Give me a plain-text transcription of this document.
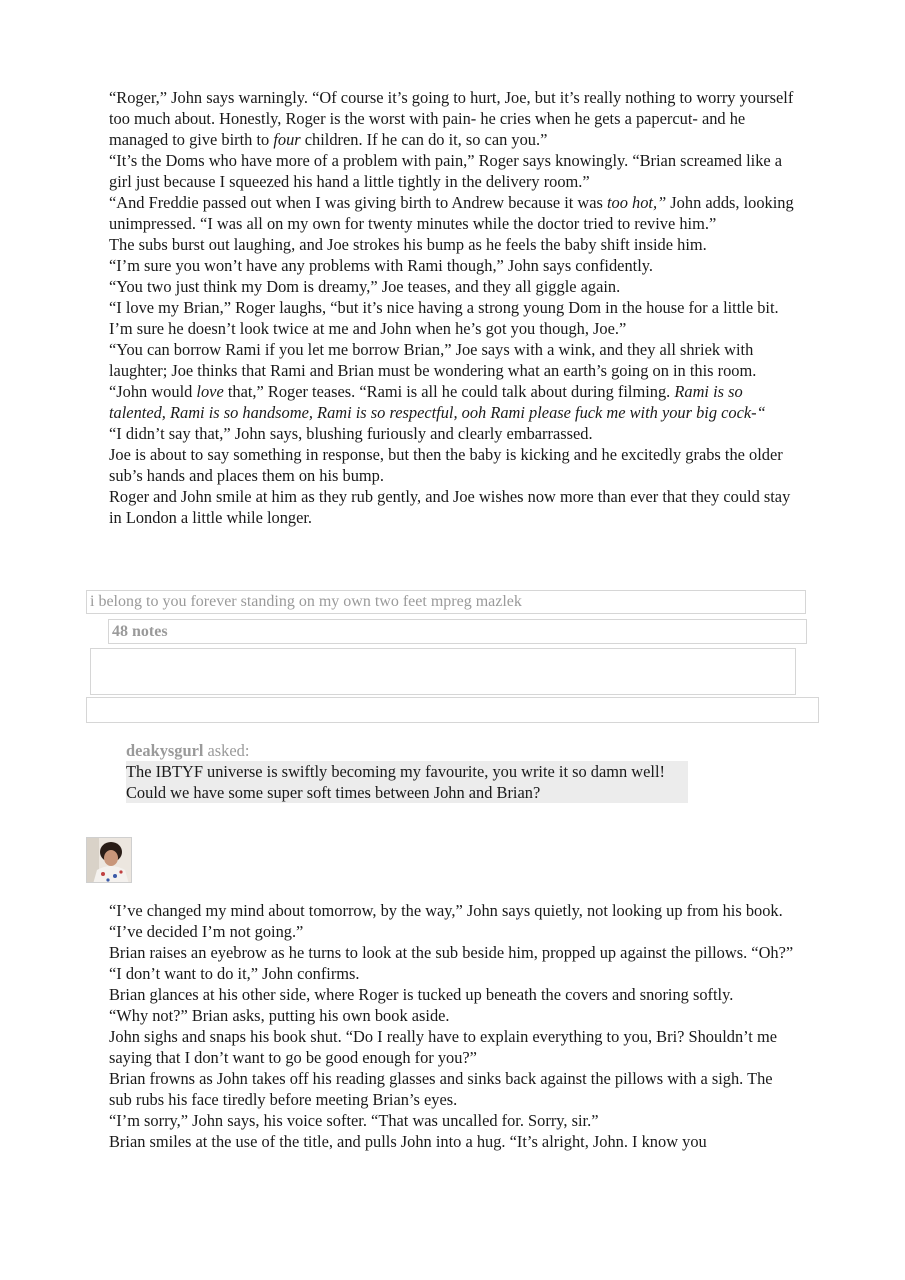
“Roger,” John says warningly. “Of course it’s going to hurt, Joe, but it’s really nothing to worry yourself too much about. Honestly, Roger is the worst with pain- he cries when he gets a papercut- and he managed to give birth to four children. If he can do it, so can you.”

“It’s the Doms who have more of a problem with pain,” Roger says knowingly. “Brian screamed like a girl just because I squeezed his hand a little tightly in the delivery room.”

“And Freddie passed out when I was giving birth to Andrew because it was too hot,” John adds, looking unimpressed. “I was all on my own for twenty minutes while the doctor tried to revive him.”

The subs burst out laughing, and Joe strokes his bump as he feels the baby shift inside him.

“I’m sure you won’t have any problems with Rami though,” John says confidently.

“You two just think my Dom is dreamy,” Joe teases, and they all giggle again.

“I love my Brian,” Roger laughs, “but it’s nice having a strong young Dom in the house for a little bit. I’m sure he doesn’t look twice at me and John when he’s got you though, Joe.”

“You can borrow Rami if you let me borrow Brian,” Joe says with a wink, and they all shriek with laughter; Joe thinks that Rami and Brian must be wondering what an earth’s going on in this room.

“John would love that,” Roger teases. “Rami is all he could talk about during filming. Rami is so talented, Rami is so handsome, Rami is so respectful, ooh Rami please fuck me with your big cock-“

“I didn’t say that,” John says, blushing furiously and clearly embarrassed.

Joe is about to say something in response, but then the baby is kicking and he excitedly grabs the older sub’s hands and places them on his bump.

Roger and John smile at him as they rub gently, and Joe wishes now more than ever that they could stay in London a little while longer.

i belong to you forever standing on my own two feet mpreg mazlek
48 notes
deakysgurl asked:
The IBTYF universe is swiftly becoming my favourite, you write it so damn well! Could we have some super soft times between John and Brian?

“I’ve changed my mind about tomorrow, by the way,” John says quietly, not looking up from his book. “I’ve decided I’m not going.”

Brian raises an eyebrow as he turns to look at the sub beside him, propped up against the pillows. “Oh?”

“I don’t want to do it,” John confirms.

Brian glances at his other side, where Roger is tucked up beneath the covers and snoring softly.

“Why not?” Brian asks, putting his own book aside.

John sighs and snaps his book shut. “Do I really have to explain everything to you, Bri? Shouldn’t me saying that I don’t want to go be good enough for you?”

Brian frowns as John takes off his reading glasses and sinks back against the pillows with a sigh. The sub rubs his face tiredly before meeting Brian’s eyes.

“I’m sorry,” John says, his voice softer. “That was uncalled for. Sorry, sir.”

Brian smiles at the use of the title, and pulls John into a hug. “It’s alright, John. I know you
